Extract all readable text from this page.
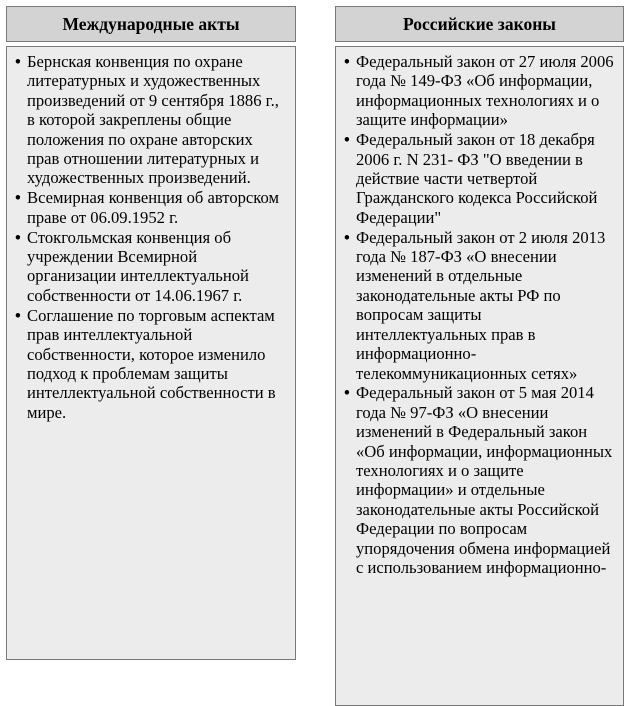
Международные акты
• Бернская конвенция по охране литературных и художественных произведений от 9 сентября 1886 г., в которой закреплены общие положения по охране авторских прав отношении литературных и художественных произведений.
• Всемирная конвенция об авторском праве от 06.09.1952 г.
• Стокгольмская конвенция об учреждении Всемирной организации интеллектуальной собственности от 14.06.1967 г.
• Соглашение по торговым аспектам прав интеллектуальной собственности, которое изменило подход к проблемам защиты интеллектуальной собственности в мире.
Российские законы
• Федеральный закон от 27 июля 2006 года № 149-ФЗ «Об информации, информационных технологиях и о защите информации»
• Федеральный закон от 18 декабря 2006 г. N 231- ФЗ "О введении в действие части четвертой Гражданского кодекса Российской Федерации"
• Федеральный закон от 2 июля 2013 года № 187-ФЗ «О внесении изменений в отдельные законодательные акты РФ по вопросам защиты интеллектуальных прав в информационно-телекоммуникационных сетях»
• Федеральный закон от 5 мая 2014 года № 97-ФЗ «О внесении изменений в Федеральный закон «Об информации, информационных технологиях и о защите информации» и отдельные законодательные акты Российской Федерации по вопросам упорядочения обмена информацией с использованием информационно-
